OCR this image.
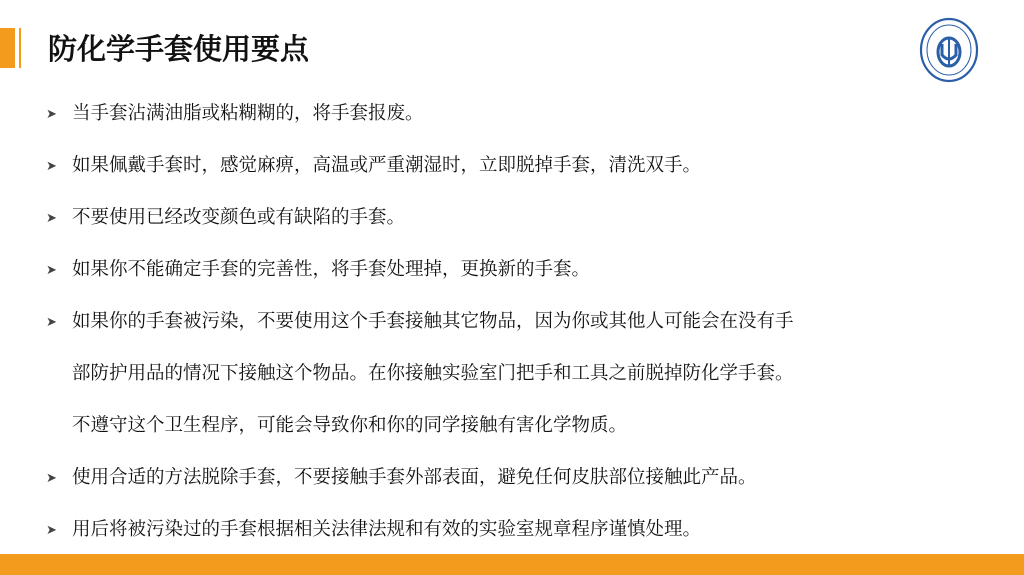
防化学手套使用要点
➤ 当手套沾满油脂或粘糊糊的，将手套报废。
➤ 如果佩戴手套时，感觉麻痹，高温或严重潮湿时，立即脱掉手套，清洗双手。
➤ 不要使用已经改变颜色或有缺陷的手套。
➤ 如果你不能确定手套的完善性，将手套处理掉，更换新的手套。
➤ 如果你的手套被污染，不要使用这个手套接触其它物品，因为你或其他人可能会在没有手
部防护用品的情况下接触这个物品。在你接触实验室门把手和工具之前脱掉防化学手套。
不遵守这个卫生程序，可能会导致你和你的同学接触有害化学物质。
➤ 使用合适的方法脱除手套，不要接触手套外部表面，避免任何皮肤部位接触此产品。
➤ 用后将被污染过的手套根据相关法律法规和有效的实验室规章程序谨慎处理。
